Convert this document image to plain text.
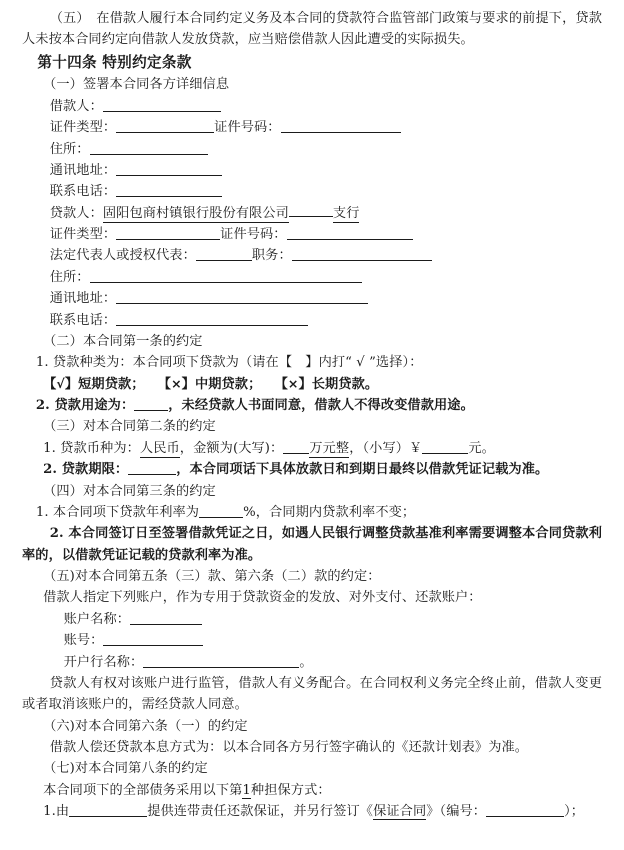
（五） 在借款人履行本合同约定义务及本合同的贷款符合监管部门政策与要求的前提下，贷款人未按本合同约定向借款人发放贷款，应当赔偿借款人因此遭受的实际损失。

第十四条 特别约定条款

（一）签署本合同各方详细信息

借款人：

证件类型：	证件号码：

住所：

通讯地址：

联系电话：

贷款人：固阳包商村镇银行股份有限公司	支行

证件类型：	证件号码：

法定代表人或授权代表：	职务：

住所：

通讯地址：

联系电话：

（二）本合同第一条的约定

1. 贷款种类为：本合同项下贷款为（请在【 】内打“ √ ”选择）：

【√】短期贷款； 【×】中期贷款； 【×】长期贷款。

2. 贷款用途为：	，未经贷款人书面同意，借款人不得改变借款用途。

（三）对本合同第二条的约定

1. 贷款币种为：人民币，金额为(大写)： 万元整，（小写）￥	元。

2. 贷款期限：	，本合同项话下具体放款日和到期日最终以借款凭证记载为准。

（四）对本合同第三条的约定

1. 本合同项下贷款年利率为	%，合同期内贷款利率不变；

2. 本合同签订日至签署借款凭证之日，如遇人民银行调整贷款基准利率需要调整本合同贷款利率的，以借款凭证记载的贷款利率为准。

（五)对本合同第五条（三）款、第六条（二）款的约定：

借款人指定下列账户，作为专用于贷款资金的发放、对外支付、还款账户：

账户名称：

账号：

开户行名称：	。

贷款人有权对该账户进行监管，借款人有义务配合。在合同权利义务完全终止前，借款人变更或者取消该账户的，需经贷款人同意。

（六)对本合同第六条（一）的约定

借款人偿还贷款本息方式为：以本合同各方另行签字确认的《还款计划表》为准。

（七)对本合同第八条的约定

本合同项下的全部债务采用以下第1种担保方式：

1.由	提供连带责任还款保证，并另行签订《保证合同》（编号：	）；
